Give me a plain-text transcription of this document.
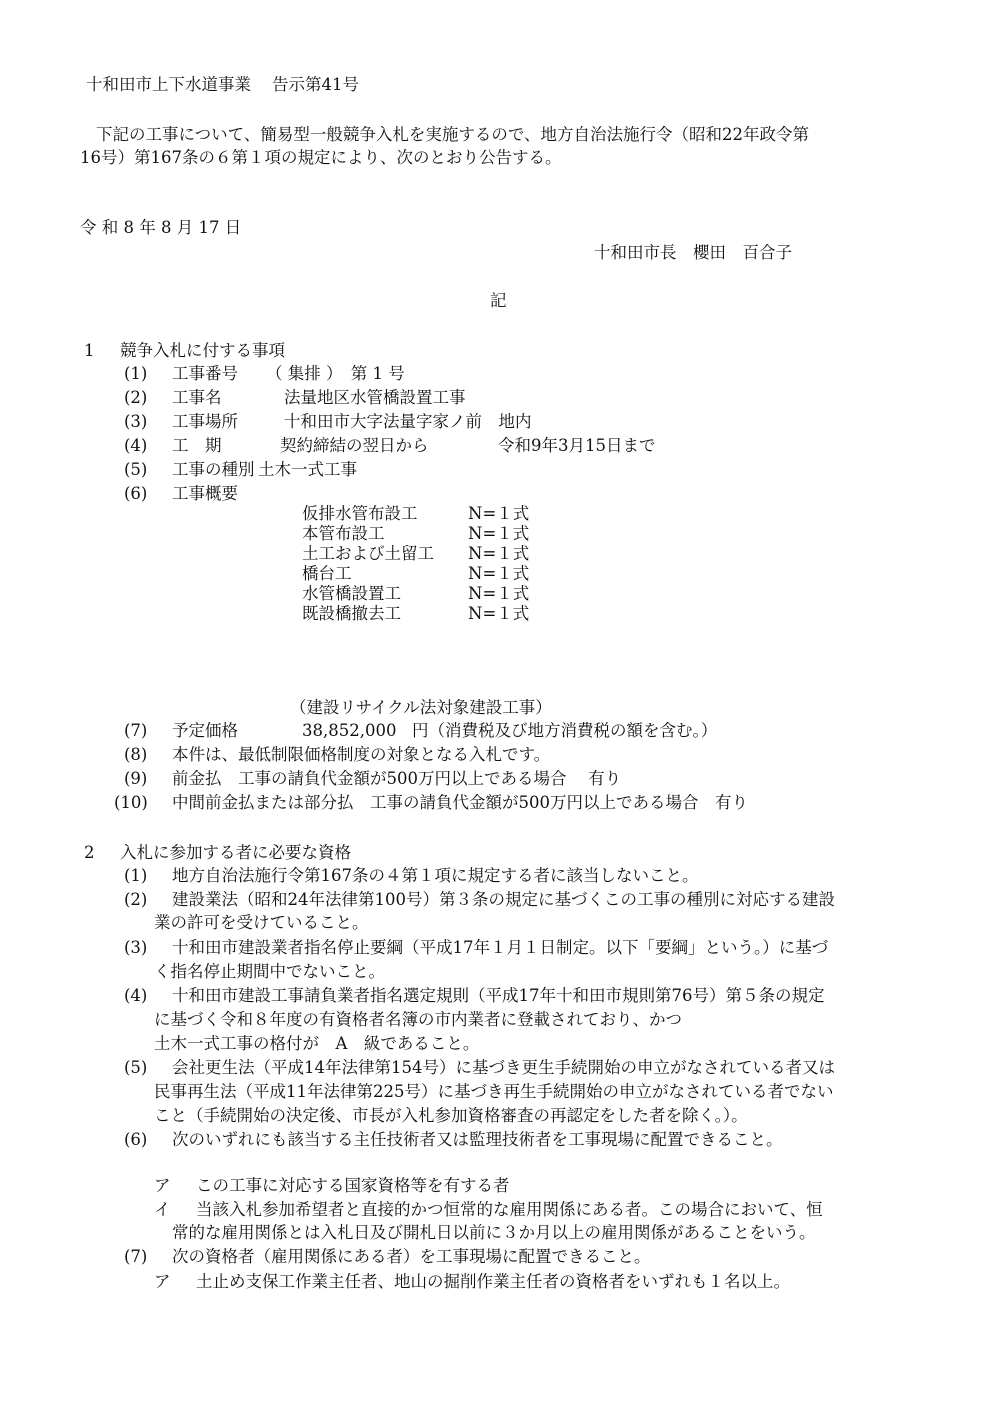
十和田市上下水道事業 告示第41号
下記の工事について、簡易型一般競争入札を実施するので、地方自治法施行令（昭和22年政令第
16号）第167条の６第１項の規定により、次のとおり公告する。
令 和 8 年 8 月 17 日
十和田市長　櫻田　百合子
記
1 競争入札に付する事項
(1) 工事番号 （ 集排 ）　第 1 号
(2) 工事名	法量地区水管橋設置工事
(3) 工事場所	十和田市大字法量字家ノ前　地内
(4) 工　期	契約締結の翌日から	令和9年3月15日まで
(5) 工事の種別 土木一式工事
(6) 工事概要
仮排水管布設工	N=１式
本管布設工	N=１式
土工および土留工 N=１式
橋台工	N=１式
水管橋設置工	N=１式
既設橋撤去工	N=１式
（建設リサイクル法対象建設工事）
(7) 予定価格	38,852,000 円（消費税及び地方消費税の額を含む。）
(8) 本件は、最低制限価格制度の対象となる入札です。
(9) 前金払　工事の請負代金額が500万円以上である場合　 有り
(10) 中間前金払または部分払　工事の請負代金額が500万円以上である場合　有り
2 入札に参加する者に必要な資格
(1) 地方自治法施行令第167条の４第１項に規定する者に該当しないこと。
(2) 建設業法（昭和24年法律第100号）第３条の規定に基づくこの工事の種別に対応する建設
業の許可を受けていること。
(3) 十和田市建設業者指名停止要綱（平成17年１月１日制定。以下「要綱」という。）に基づ
く指名停止期間中でないこと。
(4) 十和田市建設工事請負業者指名選定規則（平成17年十和田市規則第76号）第５条の規定
に基づく令和８年度の有資格者名簿の市内業者に登載されており、かつ
土木一式工事の格付が　A　級であること。
(5) 会社更生法（平成14年法律第154号）に基づき更生手続開始の申立がなされている者又は
民事再生法（平成11年法律第225号）に基づき再生手続開始の申立がなされている者でない
こと（手続開始の決定後、市長が入札参加資格審査の再認定をした者を除く。）。
(6) 次のいずれにも該当する主任技術者又は監理技術者を工事現場に配置できること。
ア この工事に対応する国家資格等を有する者
イ 当該入札参加希望者と直接的かつ恒常的な雇用関係にある者。この場合において、恒
常的な雇用関係とは入札日及び開札日以前に３か月以上の雇用関係があることをいう。
(7) 次の資格者（雇用関係にある者）を工事現場に配置できること。
ア 土止め支保工作業主任者、地山の掘削作業主任者の資格者をいずれも１名以上。
